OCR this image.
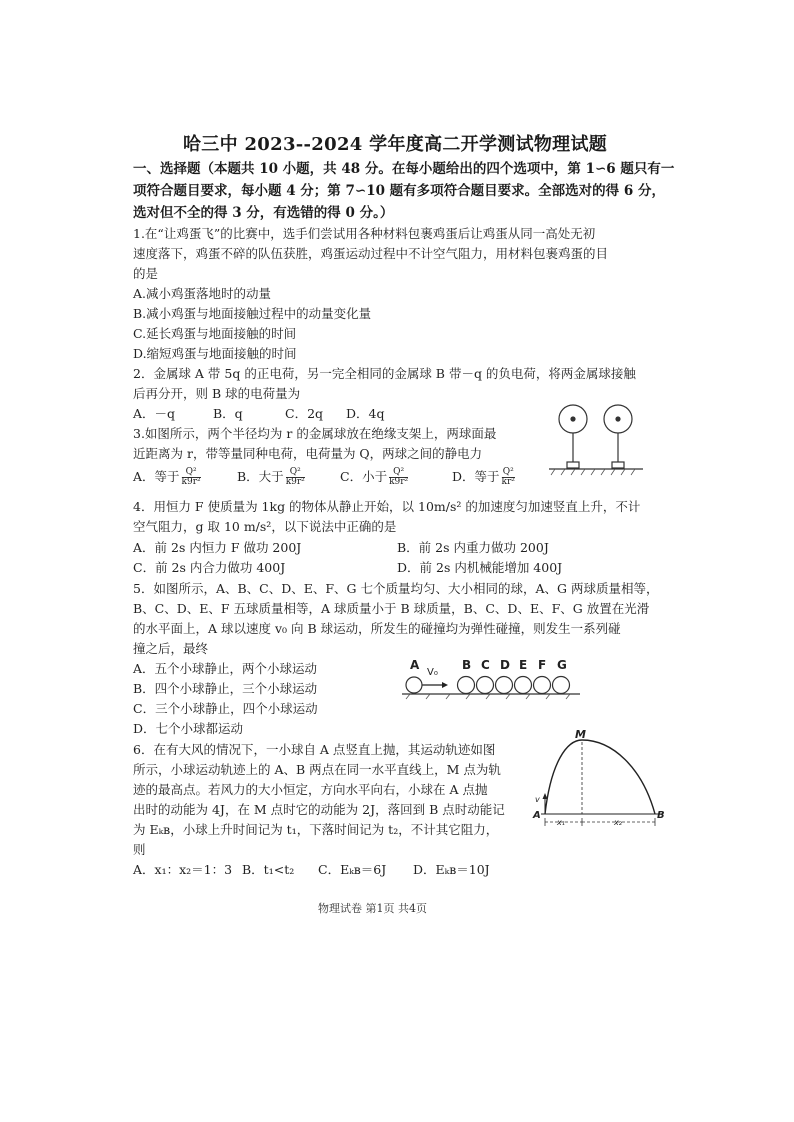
哈三中 2023--2024 学年度高二开学测试物理试题
一、选择题（本题共 10 小题，共 48 分。在每小题给出的四个选项中，第 1∽6 题只有一
项符合题目要求，每小题 4 分；第 7∽10 题有多项符合题目要求。全部选对的得 6 分，
选对但不全的得 3 分，有选错的得 0 分。）
1.在“让鸡蛋飞”的比赛中，选手们尝试用各种材料包裹鸡蛋后让鸡蛋从同一高处无初
速度落下，鸡蛋不碎的队伍获胜，鸡蛋运动过程中不计空气阻力，用材料包裹鸡蛋的目
的是
A.减小鸡蛋落地时的动量
B.减小鸡蛋与地面接触过程中的动量变化量
C.延长鸡蛋与地面接触的时间
D.缩短鸡蛋与地面接触的时间
2．金属球 A 带 5q 的正电荷，另一完全相同的金属球 B 带－q 的负电荷，将两金属球接触
后再分开，则 B 球的电荷量为
A．－q	B．q	C．2q D．4q
3.如图所示，两个半径均为 r 的金属球放在绝缘支架上，两球面最
近距离为 r，带等量同种电荷，电荷量为 Q，两球之间的静电力
A．等于 $\frac{\text{Q²}}{\text{k9r²}}$	B．大于 $\frac{\text{Q²}}{\text{k9r²}}$	C．小于 $\frac{\text{Q²}}{\text{k9r²}}$	D．等于 $\frac{\text{Q²}}{\text{kr²}}$
4．用恒力 F 使质量为 1kg 的物体从静止开始，以 10m/s² 的加速度匀加速竖直上升，不计
空气阻力，g 取 10 m/s²，以下说法中正确的是
A．前 2s 内恒力 F 做功 200J	B．前 2s 内重力做功 200J
C．前 2s 内合力做功 400J	D．前 2s 内机械能增加 400J
5．如图所示，A、B、C、D、E、F、G 七个质量均匀、大小相同的球，A、G 两球质量相等，
B、C、D、E、F 五球质量相等，A 球质量小于 B 球质量，B、C、D、E、F、G 放置在光滑
的水平面上，A 球以速度 v₀ 向 B 球运动，所发生的碰撞均为弹性碰撞，则发生一系列碰
撞之后，最终
A．五个小球静止，两个小球运动
B．四个小球静止，三个小球运动
C．三个小球静止，四个小球运动
D．七个小球都运动
A
V₀
B C D E F G
6．在有大风的情况下，一小球自 A 点竖直上抛，其运动轨迹如图
所示，小球运动轨迹上的 A、B 两点在同一水平直线上，M 点为轨
迹的最高点。若风力的大小恒定，方向水平向右，小球在 A 点抛
出时的动能为 4J，在 M 点时它的动能为 2J，落回到 B 点时动能记
为 Eₖʙ，小球上升时间记为 t₁，下落时间记为 t₂，不计其它阻力，
则
A．x₁：x₂＝1：3 B．t₁<t₂ C．Eₖʙ＝6J D．Eₖʙ＝10J
M
v
A	B
x₁	x₂
物理试卷 第1页 共4页
